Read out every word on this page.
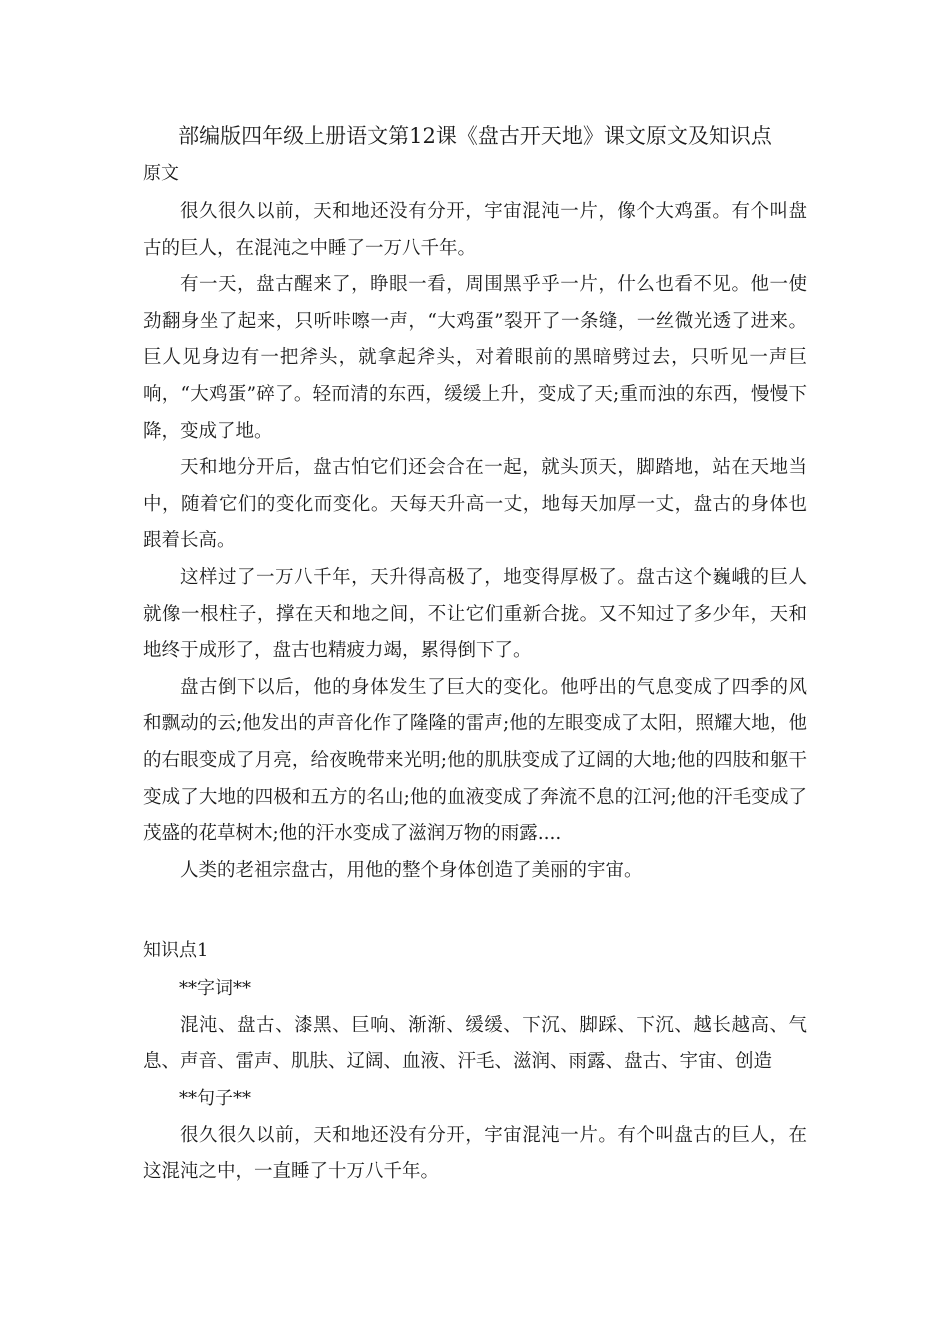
部编版四年级上册语文第12课《盘古开天地》课文原文及知识点
原文

很久很久以前，天和地还没有分开，宇宙混沌一片，像个大鸡蛋。有个叫盘古的巨人，在混沌之中睡了一万八千年。

有一天，盘古醒来了，睁眼一看，周围黑乎乎一片，什么也看不见。他一使劲翻身坐了起来，只听咔嚓一声，“大鸡蛋”裂开了一条缝，一丝微光透了进来。巨人见身边有一把斧头，就拿起斧头，对着眼前的黑暗劈过去，只听见一声巨响，“大鸡蛋”碎了。轻而清的东西，缓缓上升，变成了天;重而浊的东西，慢慢下降，变成了地。

天和地分开后，盘古怕它们还会合在一起，就头顶天，脚踏地，站在天地当中，随着它们的变化而变化。天每天升高一丈，地每天加厚一丈，盘古的身体也跟着长高。

这样过了一万八千年，天升得高极了，地变得厚极了。盘古这个巍峨的巨人就像一根柱子，撑在天和地之间，不让它们重新合拢。又不知过了多少年，天和地终于成形了，盘古也精疲力竭，累得倒下了。

盘古倒下以后，他的身体发生了巨大的变化。他呼出的气息变成了四季的风和飘动的云;他发出的声音化作了隆隆的雷声;他的左眼变成了太阳，照耀大地，他的右眼变成了月亮，给夜晚带来光明;他的肌肤变成了辽阔的大地;他的四肢和躯干变成了大地的四极和五方的名山;他的血液变成了奔流不息的江河;他的汗毛变成了茂盛的花草树木;他的汗水变成了滋润万物的雨露....

人类的老祖宗盘古，用他的整个身体创造了美丽的宇宙。

知识点1

**字词**

混沌、盘古、漆黑、巨响、渐渐、缓缓、下沉、脚踩、下沉、越长越高、气息、声音、雷声、肌肤、辽阔、血液、汗毛、滋润、雨露、盘古、宇宙、创造

**句子**

很久很久以前，天和地还没有分开，宇宙混沌一片。有个叫盘古的巨人，在这混沌之中，一直睡了十万八千年。
